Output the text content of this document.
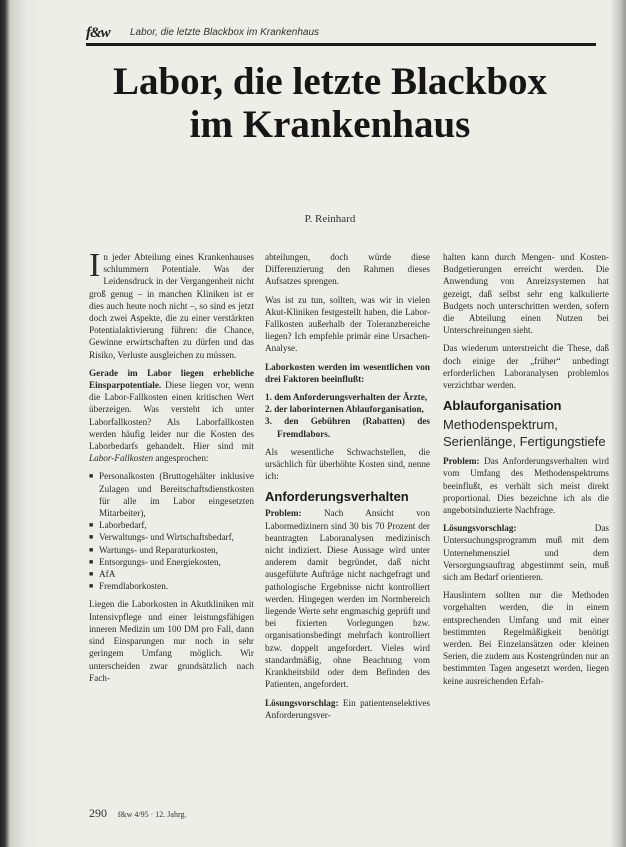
f&w Labor, die letzte Blackbox im Krankenhaus
Labor, die letzte Blackbox
im Krankenhaus
P. Reinhard

In jeder Abteilung eines Krankenhauses schlummern Potentiale. Was der Leidensdruck in der Vergangenheit nicht groß genug – in manchen Kliniken ist er dies auch heute noch nicht –, so sind es jetzt doch zwei Aspekte, die zu einer verstärkten Potentialaktivierung führen: die Chance, Gewinne erwirtschaften zu dürfen und das Risiko, Verluste ausgleichen zu müssen.

Gerade im Labor liegen erhebliche Einsparpotentiale. Diese liegen vor, wenn die Labor-Fallkosten einen kritischen Wert überzeigen. Was versteht ich unter Laborfallkosten? Als Laborfallkosten werden häufig leider nur die Kosten des Laborbedarfs gehandelt. Hier sind mit Labor-Fallkosten angesprochen:

■ Personalkosten (Bruttogehälter inklusive Zulagen und Bereitschaftsdienstkosten für alle im Labor eingesetzten Mitarbeiter),
■ Laborbedarf,
■ Verwaltungs- und Wirtschaftsbedarf,
■ Wartungs- und Reparaturkosten,
■ Entsorgungs- und Energiekosten,
■ AfA
■ Fremdlaborkosten.

Liegen die Laborkosten in Akutkliniken mit Intensivpflege und einer leistungsfähigen inneren Medizin um 100 DM pro Fall, dann sind Einsparungen nur noch in sehr geringem Umfang möglich. Wir unterscheiden zwar grundsätzlich nach Fach-

abteilungen, doch würde diese Differenzierung den Rahmen dieses Aufsatzes sprengen.

Was ist zu tun, sollten, was wir in vielen Akut-Kliniken festgestellt haben, die Labor-Fallkosten außerhalb der Toleranzbereiche liegen? Ich empfehle primär eine Ursachen-Analyse.

Laborkosten werden im wesentlichen von drei Faktoren beeinflußt:

1. dem Anforderungsverhalten der Ärzte,
2. der laborinternen Ablauforganisation,
3. den Gebühren (Rabatten) des Fremdlabors.

Als wesentliche Schwachstellen, die ursächlich für überhöhte Kosten sind, nenne ich:

Anforderungsverhalten

Problem: Nach Ansicht von Labormedizinern sind 30 bis 70 Prozent der beantragten Laboranalysen medizinisch nicht indiziert. Diese Aussage wird unter anderem damit begründet, daß nicht ausgeführte Aufträge nicht nachgefragt und pathologische Ergebnisse nicht kontrolliert werden. Hingegen werden im Normbereich liegende Werte sehr engmaschig geprüft und bei fixierten Vorlegungen bzw. organisationsbedingt mehrfach kontrolliert bzw. doppelt angefordert. Vieles wird standardmäßig, ohne Beachtung vom Krankheitsbild oder dem Befinden des Patienten, angefordert.

Lösungsvorschlag: Ein patientenselektives Anforderungsver-

halten kann durch Mengen- und Kosten-Budgetierungen erreicht werden. Die Anwendung von Anreizsystemen hat gezeigt, daß selbst sehr eng kalkulierte Budgets noch unterschritten werden, sofern die Abteilung einen Nutzen bei Unterschreitungen sieht.

Das wiederum unterstreicht die These, daß doch einige der „früher“ unbedingt erforderlichen Laboranalysen problemlos verzichtbar werden.

Ablauforganisation
Methodenspektrum, Serienlänge, Fertigungstiefe

Problem: Das Anforderungsverhalten wird vom Umfang des Methodenspektrums beeinflußt, es verhält sich meist direkt proportional. Dies bezeichne ich als die angebotsinduzierte Nachfrage.

Lösungsvorschlag: Das Untersuchungsprogramm muß mit dem Unternehmensziel und dem Versorgungsauftrag abgestimmt sein, muß sich am Bedarf orientieren.

Hauslintern sollten nur die Methoden vorgehalten werden, die in einem entsprechenden Umfang und mit einer bestimmten Regelmäßigkeit benötigt werden. Bei Einzelansätzen oder kleinen Serien, die zudem aus Kostengründen nur an bestimmten Tagen angesetzt werden, liegen keine ausreichenden Erfah-

290 f&w 4/95 · 12. Jahrg.
